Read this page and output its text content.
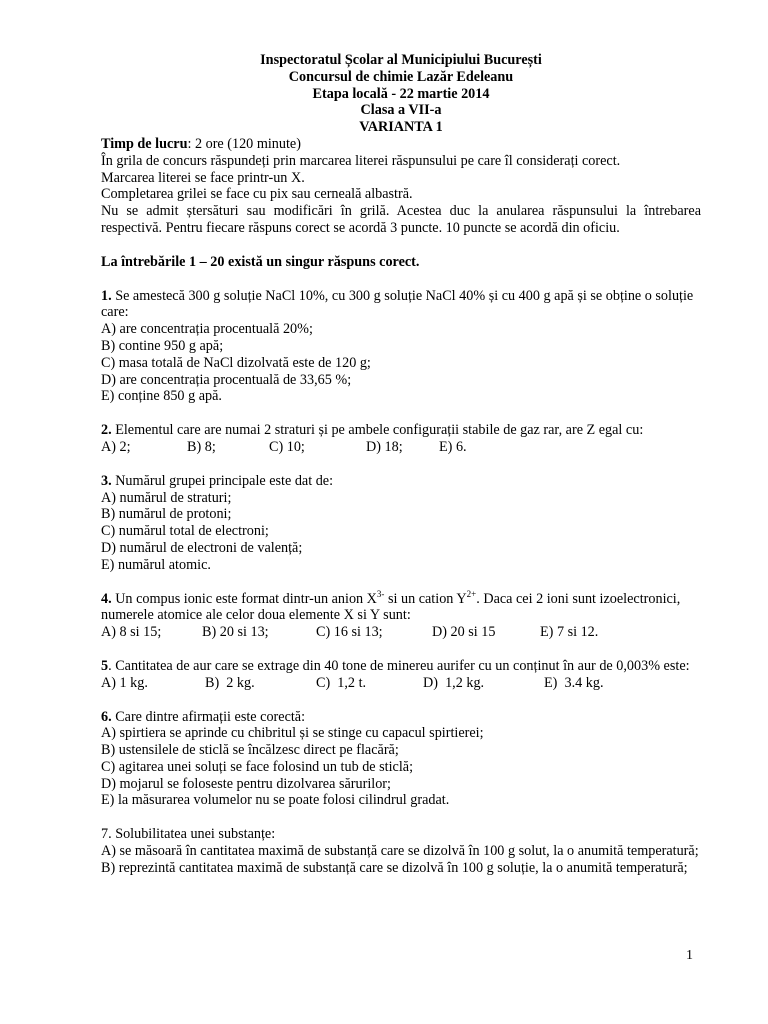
Inspectoratul Școlar al Municipiului București
Concursul de chimie Lazăr Edeleanu
Etapa locală - 22 martie 2014
Clasa a VII-a
VARIANTA 1

Timp de lucru: 2 ore (120 minute)

În grila de concurs răspundeți prin marcarea literei răspunsului pe care îl considerați corect.

Marcarea literei se face printr-un X.

Completarea grilei se face cu pix sau cerneală albastră.

Nu se admit ștersături sau modificări în grilă. Acestea duc la anularea răspunsului la întrebarea respectivă. Pentru fiecare răspuns corect se acordă 3 puncte. 10 puncte se acordă din oficiu.

La întrebările 1 – 20 există un singur răspuns corect.

1. Se amestecă 300 g soluție NaCl 10%, cu 300 g soluție NaCl 40% și cu 400 g apă și se obține o soluție care:

A) are concentrația procentuală 20%;

B) contine 950 g apă;

C) masa totală de NaCl dizolvată este de 120 g;

D) are concentrația procentuală de 33,65 %;

E) conține 850 g apă.

2. Elementul care are numai 2 straturi și pe ambele configurații stabile de gaz rar, are Z egal cu:

A) 2;	B) 8;	C) 10;	D) 18;	E) 6.

3. Numărul grupei principale este dat de:

A) numărul de straturi;

B) numărul de protoni;

C) numărul total de electroni;

D) numărul de electroni de valență;

E) numărul atomic.

4. Un compus ionic este format dintr-un anion $X^{3-}$ si un cation $Y^{2+}$. Daca cei 2 ioni sunt izoelectronici, numerele atomice ale celor doua elemente X si Y sunt:

A) 8 si 15;	B) 20 si 13;	C) 16 si 13;	D) 20 si 15	E) 7 si 12.

5. Cantitatea de aur care se extrage din 40 tone de minereu aurifer cu un conținut în aur de 0,003% este:

A) 1 kg.	B)  2 kg.	C)  1,2 t.	D)  1,2 kg.	E)  3.4 kg.

6. Care dintre afirmații este corectă:

A) spirtiera se aprinde cu chibritul și se stinge cu capacul spirtierei;

B) ustensilele de sticlă se încălzesc direct pe flacără;

C) agitarea unei soluți se face folosind un tub de sticlă;

D) mojarul se foloseste pentru dizolvarea sărurilor;

E) la măsurarea volumelor nu se poate folosi cilindrul gradat.

7. Solubilitatea unei substanțe:

A) se măsoară în cantitatea maximă de substanță care se dizolvă în 100 g solut, la o anumită temperatură;

B) reprezintă cantitatea maximă de substanță care se dizolvă în 100 g soluție, la o anumită temperatură;

1
